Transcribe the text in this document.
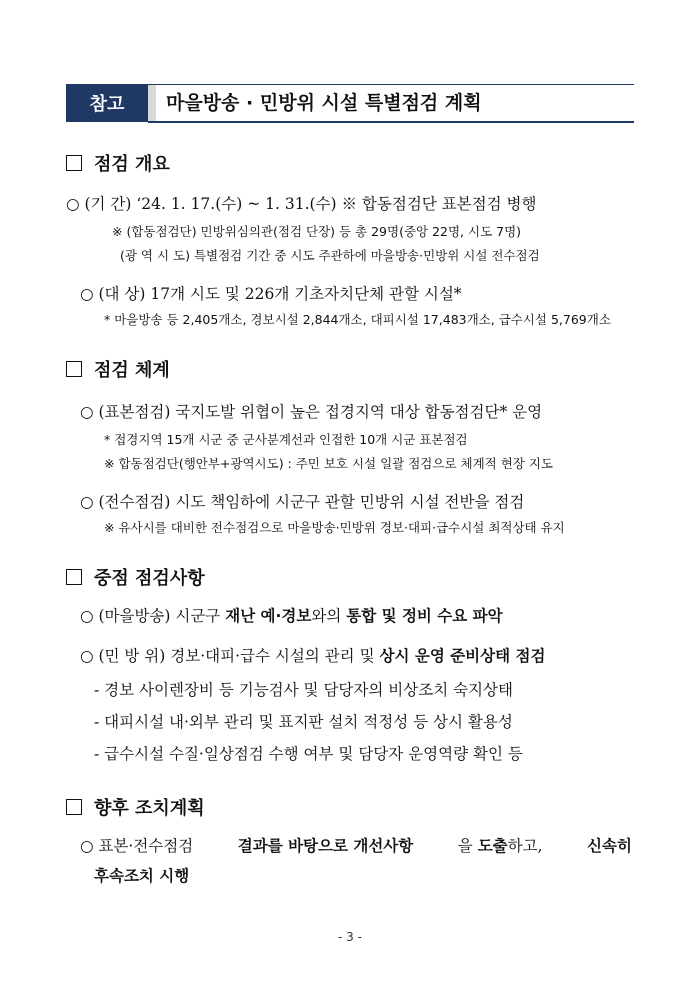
참고	마을방송 · 민방위 시설 특별점검 계획
점검 개요
○ (기 간) ‘24. 1. 17.(수) ~ 1. 31.(수) ※ 합동점검단 표본점검 병행
※ (합동점검단) 민방위심의관(점검 단장) 등 총 29명(중앙 22명, 시도 7명)
(광 역 시 도) 특별점검 기간 중 시도 주관하에 마을방송·민방위 시설 전수점검
○ (대 상) 17개 시도 및 226개 기초자치단체 관할 시설*
* 마을방송 등 2,405개소, 경보시설 2,844개소, 대피시설 17,483개소, 급수시설 5,769개소
점검 체계
○ (표본점검) 국지도발 위협이 높은 접경지역 대상 합동점검단* 운영
* 접경지역 15개 시군 중 군사분계선과 인접한 10개 시군 표본점검
※ 합동점검단(행안부+광역시도) : 주민 보호 시설 일괄 점검으로 체계적 현장 지도
○ (전수점검) 시도 책임하에 시군구 관할 민방위 시설 전반을 점검
※ 유사시를 대비한 전수점검으로 마을방송·민방위 경보·대피·급수시설 최적상태 유지
중점 점검사항
○ (마을방송) 시군구 재난 예·경보와의 통합 및 정비 수요 파악
○ (민 방 위) 경보·대피·급수 시설의 관리 및 상시 운영 준비상태 점검
- 경보 사이렌장비 등 기능검사 및 담당자의 비상조치 숙지상태
- 대피시설 내·외부 관리 및 표지판 설치 적정성 등 상시 활용성
- 급수시설 수질·일상점검 수행 여부 및 담당자 운영역량 확인 등
향후 조치계획
○ 표본·전수점검	결과를 바탕으로 개선사항	을 도출하고,	신속히
후속조치 시행
- 3 -
